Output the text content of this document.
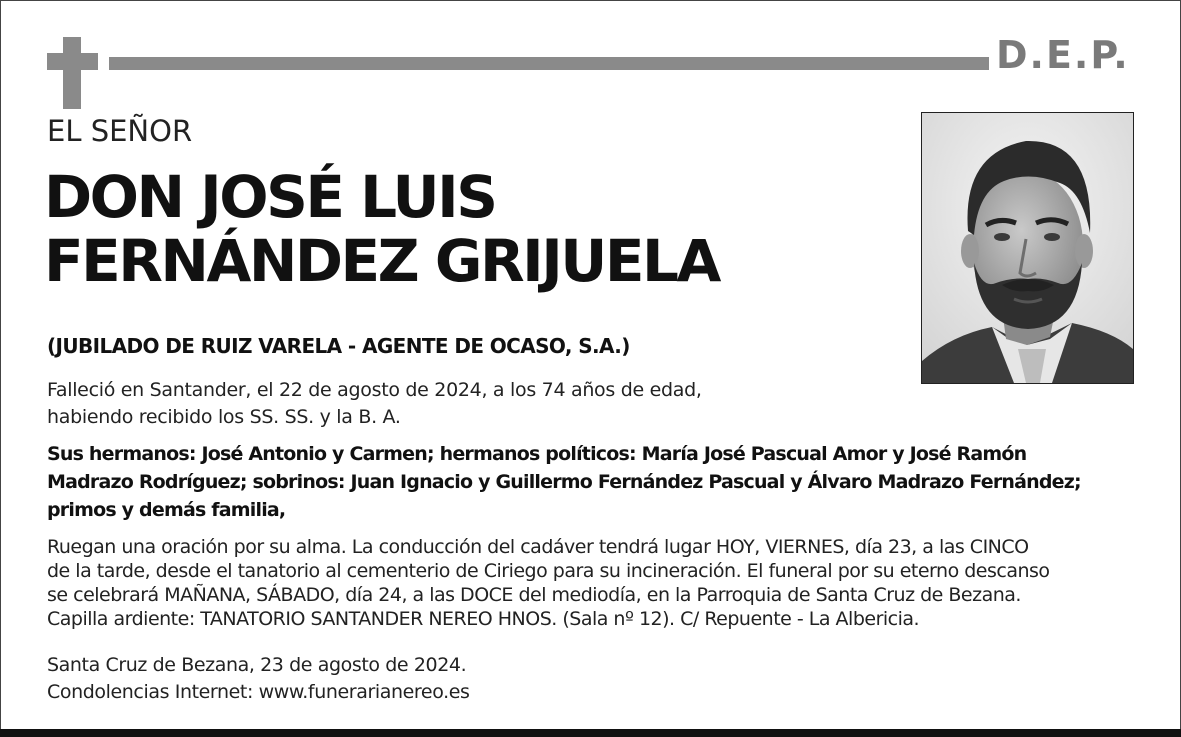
D.E.P.
EL SEÑOR
DON JOSÉ LUIS
FERNÁNDEZ GRIJUELA
(JUBILADO DE RUIZ VARELA - AGENTE DE OCASO, S.A.)
Falleció en Santander, el 22 de agosto de 2024, a los 74 años de edad,
habiendo recibido los SS. SS. y la B. A.
Sus hermanos: José Antonio y Carmen; hermanos políticos: María José Pascual Amor y José Ramón
Madrazo Rodríguez; sobrinos: Juan Ignacio y Guillermo Fernández Pascual y Álvaro Madrazo Fernández;
primos y demás familia,
Ruegan una oración por su alma. La conducción del cadáver tendrá lugar HOY, VIERNES, día 23, a las CINCO
de la tarde, desde el tanatorio al cementerio de Ciriego para su incineración. El funeral por su eterno descanso
se celebrará MAÑANA, SÁBADO, día 24, a las DOCE del mediodía, en la Parroquia de Santa Cruz de Bezana.
Capilla ardiente: TANATORIO SANTANDER NEREO HNOS. (Sala nº 12). C/ Repuente - La Albericia.
Santa Cruz de Bezana, 23 de agosto de 2024.
Condolencias Internet: www.funerarianereo.es
